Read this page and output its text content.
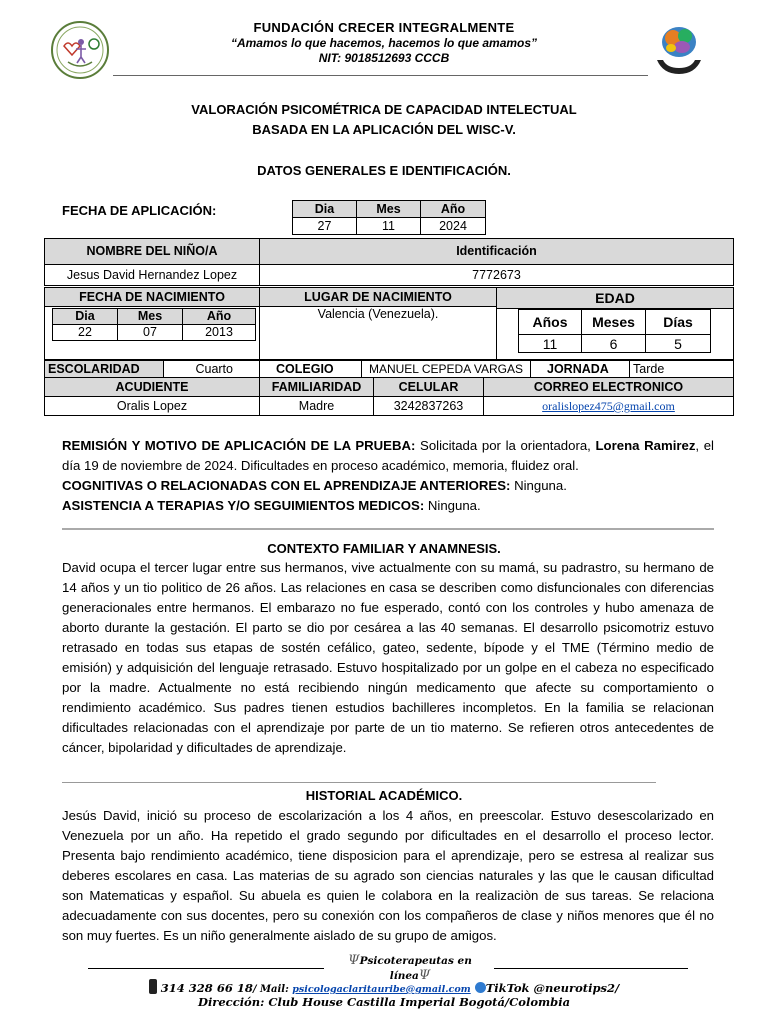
FUNDACIÓN CRECER INTEGRALMENTE
“Amamos lo que hacemos, hacemos lo que amamos”
NIT: 9018512693 CCCB
VALORACIÓN PSICOMÉTRICA DE CAPACIDAD INTELECTUAL
BASADA EN LA APLICACIÓN DEL WISC-V.
DATOS GENERALES E IDENTIFICACIÓN.
FECHA DE APLICACIÓN:	Dia	Mes	Año
27	11	2024
NOMBRE DEL NIÑO/A	Identificación
Jesus David Hernandez Lopez	7772673
FECHA DE NACIMIENTO
Dia	Mes	Año
22	07	2013
LUGAR DE NACIMIENTO
Valencia (Venezuela).
EDAD
Años	Meses	Días
11	6	5
ESCOLARIDAD	Cuarto	COLEGIO	MANUEL CEPEDA VARGAS	JORNADA	Tarde
ACUDIENTE	FAMILIARIDAD	CELULAR	CORREO ELECTRONICO
Oralis Lopez	Madre	3242837263	oralislopez475@gmail.com
REMISIÓN Y MOTIVO DE APLICACIÓN DE LA PRUEBA: Solicitada por la orientadora, Lorena Ramirez, el día 19 de noviembre de 2024. Dificultades en proceso académico, memoria, fluidez oral.
COGNITIVAS O RELACIONADAS CON EL APRENDIZAJE ANTERIORES: Ninguna.
ASISTENCIA A TERAPIAS Y/O SEGUIMIENTOS MEDICOS: Ninguna.
CONTEXTO FAMILIAR Y ANAMNESIS.
David ocupa el tercer lugar entre sus hermanos, vive actualmente con su mamá, su padrastro, su hermano de 14 años y un tio politico de 26 años. Las relaciones en casa se describen como disfuncionales con diferencias generacionales entre hermanos. El embarazo no fue esperado, contó con los controles y hubo amenaza de aborto durante la gestación. El parto se dio por cesárea a las 40 semanas. El desarrollo psicomotriz estuvo retrasado en todas sus etapas de sostén cefálico, gateo, sedente, bípode y el TME (Término medio de emisión) y adquisición del lenguaje retrasado. Estuvo hospitalizado por un golpe en el cabeza no especificado por la madre. Actualmente no está recibiendo ningún medicamento que afecte su comportamiento o rendimiento académico. Sus padres tienen estudios bachilleres incompletos. En la familia se relacionan dificultades relacionadas con el aprendizaje por parte de un tio materno. Se refieren otros antecedentes de cáncer, bipolaridad y dificultades de aprendizaje.
HISTORIAL ACADÉMICO.
Jesús David, inició su proceso de escolarización a los 4 años, en preescolar. Estuvo desescolarizado en Venezuela por un año. Ha repetido el grado segundo por dificultades en el desarrollo el proceso lector. Presenta bajo rendimiento académico, tiene disposicion para el aprendizaje, pero se estresa al realizar sus deberes escolares en casa. Las materias de su agrado son ciencias naturales y las que le causan dificultad son Matematicas y español. Su abuela es quien le colabora en la realizaciòn de sus tareas. Se relaciona adecuadamente con sus docentes, pero su conexión con los compañeros de clase y niños menores que él no son muy fuertes. Es un niño generalmente aislado de su grupo de amigos.
ΨPsicoterapeutas en líneaΨ
314 328 66 18/ Mail: psicologaclaritauribe@gmail.com TikTok @neurotips2/
Dirección: Club House Castilla Imperial Bogotá/Colombia
